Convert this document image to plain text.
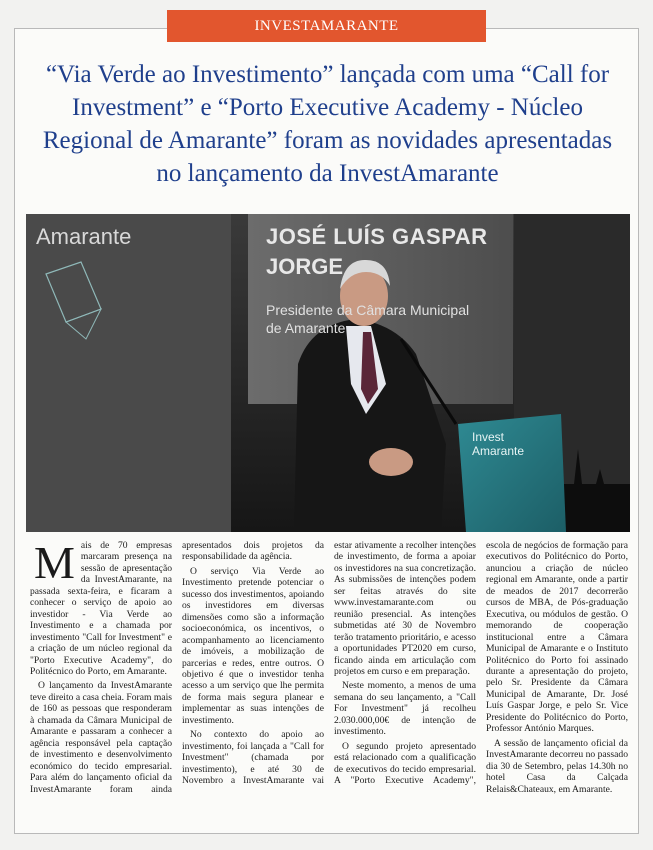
INVESTAMARANTE
“Via Verde ao Investimento” lançada com uma “Call for Investment” e “Porto Executive Academy - Núcleo Regional de Amarante” foram as novidades apresentadas no lançamento da InvestAmarante
Amarante	JOSÉ LUÍS GASPAR
JORGE
Presidente da Câmara Municipal
de Amarante
Invest
Amarante

Mais de 70 empresas marcaram presença na sessão de apresentação da InvestAmarante, na passada sexta-feira, e ficaram a conhecer o serviço de apoio ao investidor - Via Verde ao Investimento e a chamada por investimento "Call for Investment" e a criação de um núcleo regional da "Porto Executive Academy", do Politécnico do Porto, em Amarante.

O lançamento da InvestAmarante teve direito a casa cheia. Foram mais de 160 as pessoas que responderam à chamada da Câmara Municipal de Amarante e passaram a conhecer a agência responsável pela captação de investimento e desenvolvimento económico do tecido empresarial. Para além do lançamento oficial da InvestAmarante foram ainda apresentados dois projetos da responsabilidade da agência.

O serviço Via Verde ao Investimento pretende potenciar o sucesso dos investimentos, apoiando os investidores em diversas dimensões como são a informação socioeconómica, os incentivos, o acompanhamento ao licenciamento de imóveis, a mobilização de parcerias e redes, entre outros. O objetivo é que o investidor tenha acesso a um serviço que lhe permita de forma mais segura planear e implementar as suas intenções de investimento.

No contexto do apoio ao investimento, foi lançada a "Call for Investment" (chamada por investimento), e até 30 de Novembro a InvestAmarante vai estar ativamente a recolher intenções de investimento, de forma a apoiar os investidores na sua concretização. As submissões de intenções podem ser feitas através do site www.investamarante.com ou reunião presencial. As intenções submetidas até 30 de Novembro terão tratamento prioritário, e acesso a oportunidades PT2020 em curso, ficando ainda em articulação com projetos em curso e em preparação.

Neste momento, a menos de uma semana do seu lançamento, a "Call For Investment" já recolheu 2.030.000,00€ de intenção de investimento.

O segundo projeto apresentado está relacionado com a qualificação de executivos do tecido empresarial. A "Porto Executive Academy", escola de negócios de formação para executivos do Politécnico do Porto, anunciou a criação de núcleo regional em Amarante, onde a partir de meados de 2017 decorrerão cursos de MBA, de Pós-graduação Executiva, ou módulos de gestão. O memorando de cooperação institucional entre a Câmara Municipal de Amarante e o Instituto Politécnico do Porto foi assinado durante a apresentação do projeto, pelo Sr. Presidente da Câmara Municipal de Amarante, Dr. José Luís Gaspar Jorge, e pelo Sr. Vice Presidente do Politécnico do Porto, Professor António Marques.

A sessão de lançamento oficial da InvestAmarante decorreu no passado dia 30 de Setembro, pelas 14.30h no hotel Casa da Calçada Relais&Chateaux, em Amarante.
